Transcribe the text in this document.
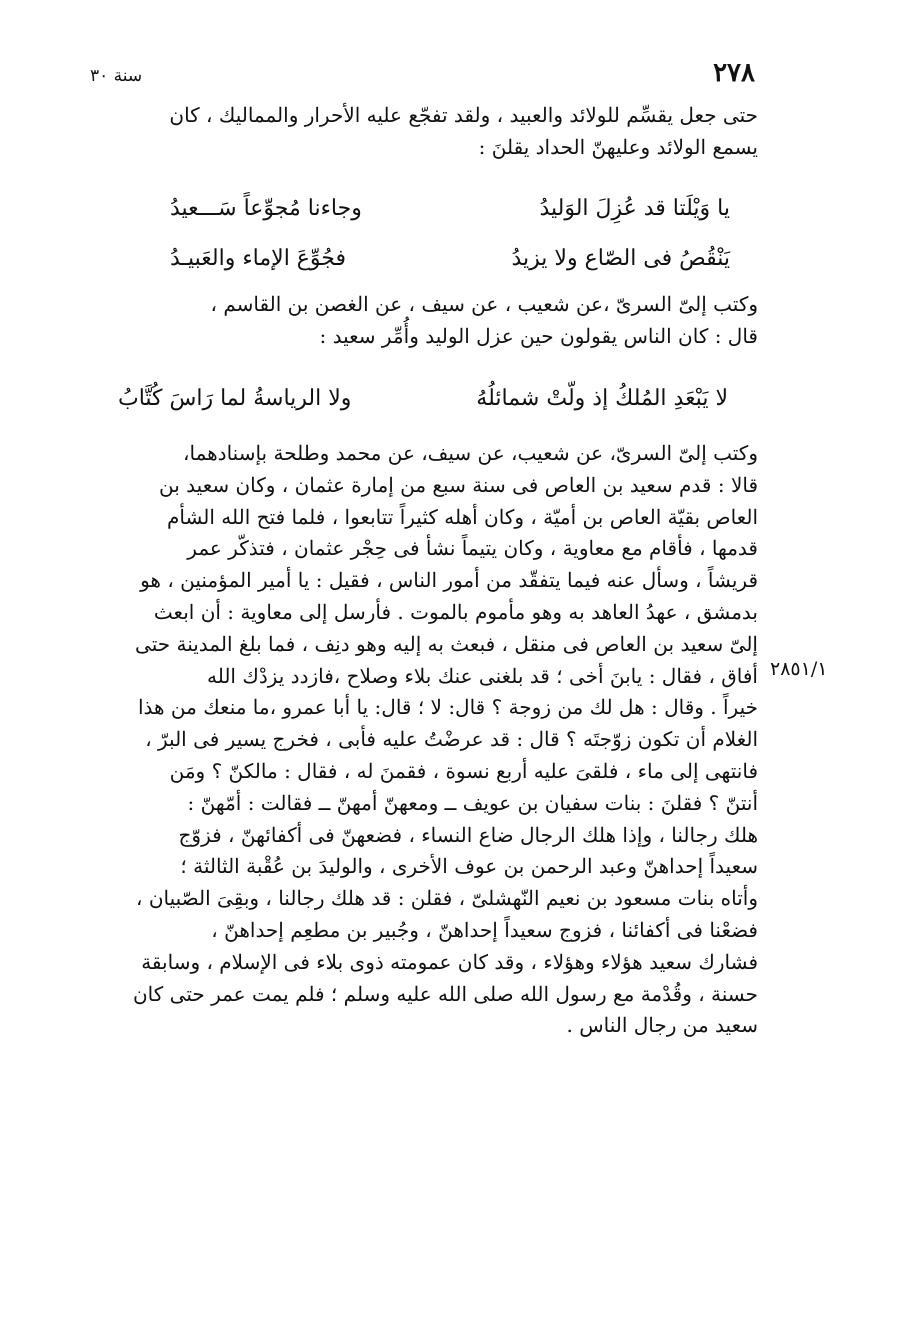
٢٧٨
سنة ٣٠
٢٨٥١/١

حتى جعل يقسِّم للولائد والعبيد ، ولقد تفجّع عليه الأحرار والمماليك ، كان

يسمع الولائد وعليهنّ الحداد يقلنَ :

يا وَيْلَتا قد عُزِلَ الوَليدُ
وجاءنا مُجوِّعاً سَـــعيدُ
يَنْقُصُ فى الصّاع ولا يزيدُ
فجُوِّعَ الإماء والعَبيـدُ

وكتب إلىّ السرىّ ،عن شعيب ، عن سيف ، عن الغصن بن القاسم ،

قال : كان الناس يقولون حين عزل الوليد وأُمِّر سعيد :

لا يَبْعَدِ المُلكُ إذ ولّتْ شمائلُهُ
ولا الرياسةُ لما رَاسَ كُتَّابُ

وكتب إلىّ السرىّ، عن شعيب، عن سيف، عن محمد وطلحة بإسنادهما،

قالا : قدم سعيد بن العاص فى سنة سبع من إمارة عثمان ، وكان سعيد بن

العاص بقيّة العاص بن أميّة ، وكان أهله كثيراً تتابعوا ، فلما فتح الله الشأم

قدمها ، فأقام مع معاوية ، وكان يتيماً نشأ فى حِجْر عثمان ، فتذكّر عمر

قريشاً ، وسأل عنه فيما يتفقّد من أمور الناس ، فقيل : يا أمير المؤمنين ، هو

بدمشق ، عهدُ العاهد به وهو مأموم بالموت . فأرسل إلى معاوية : أن ابعث

إلىّ سعيد بن العاص فى منقل ، فبعث به إليه وهو دنِف ، فما بلغ المدينة حتى

أفاق ، فقال : يابنَ أخى ؛ قد بلغنى عنك بلاء وصلاح ،فازدد يزدْك الله

خيراً . وقال : هل لك من زوجة ؟ قال: لا ؛ قال: يا أبا عمرو ،ما منعك من هذا

الغلام أن تكون زوّجتَه ؟ قال : قد عرضْتُ عليه فأبى ، فخرج يسير فى البرّ ،

فانتهى إلى ماء ، فلقىَ عليه أربع نسوة ، فقمنَ له ، فقال : مالكنّ ؟ ومَن

أنتنّ ؟ فقلنَ : بنات سفيان بن عويف ــ ومعهنّ أمهنّ ــ فقالت : أمّهنّ :

هلك رجالنا ، وإذا هلك الرجال ضاع النساء ، فضعهنّ فى أكفائهنّ ، فزوّج

سعيداً إحداهنّ وعبد الرحمن بن عوف الأخرى ، والوليدَ بن عُقْبة الثالثة ؛

وأتاه بنات مسعود بن نعيم النّهشلىّ ، فقلن : قد هلك رجالنا ، وبقِىَ الصّبيان ،

فضعْنا فى أكفائنا ، فزوج سعيداً إحداهنّ ، وجُبير بن مطعِم إحداهنّ ،

فشارك سعيد هؤلاء وهؤلاء ، وقد كان عمومته ذوى بلاء فى الإسلام ، وسابقة

حسنة ، وقُدْمة مع رسول الله صلى الله عليه وسلم ؛ فلم يمت عمر حتى كان

سعيد من رجال الناس .
